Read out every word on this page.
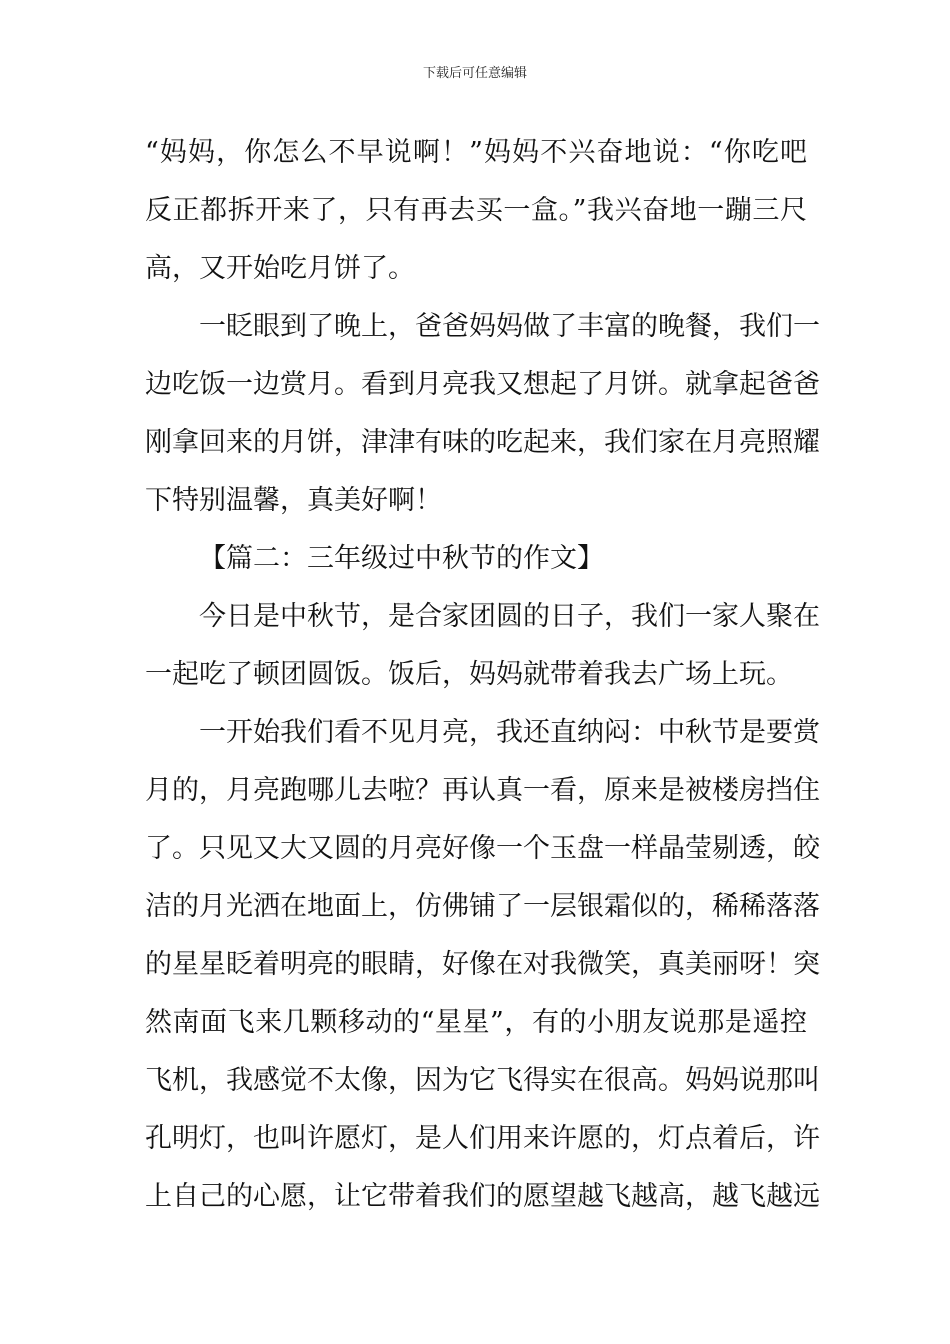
下载后可任意编辑
“妈妈，你怎么不早说啊！”妈妈不兴奋地说：“你吃吧
反正都拆开来了，只有再去买一盒。”我兴奋地一蹦三尺
高，又开始吃月饼了。
一眨眼到了晚上，爸爸妈妈做了丰富的晚餐，我们一
边吃饭一边赏月。看到月亮我又想起了月饼。就拿起爸爸
刚拿回来的月饼，津津有味的吃起来，我们家在月亮照耀
下特别温馨，真美好啊！
【篇二：三年级过中秋节的作文】
今日是中秋节，是合家团圆的日子，我们一家人聚在
一起吃了顿团圆饭。饭后，妈妈就带着我去广场上玩。
一开始我们看不见月亮，我还直纳闷：中秋节是要赏
月的，月亮跑哪儿去啦？再认真一看，原来是被楼房挡住
了。只见又大又圆的月亮好像一个玉盘一样晶莹剔透，皎
洁的月光洒在地面上，仿佛铺了一层银霜似的，稀稀落落
的星星眨着明亮的眼睛，好像在对我微笑，真美丽呀！突
然南面飞来几颗移动的“星星”，有的小朋友说那是遥控
飞机，我感觉不太像，因为它飞得实在很高。妈妈说那叫
孔明灯，也叫许愿灯，是人们用来许愿的，灯点着后，许
上自己的心愿，让它带着我们的愿望越飞越高，越飞越远
